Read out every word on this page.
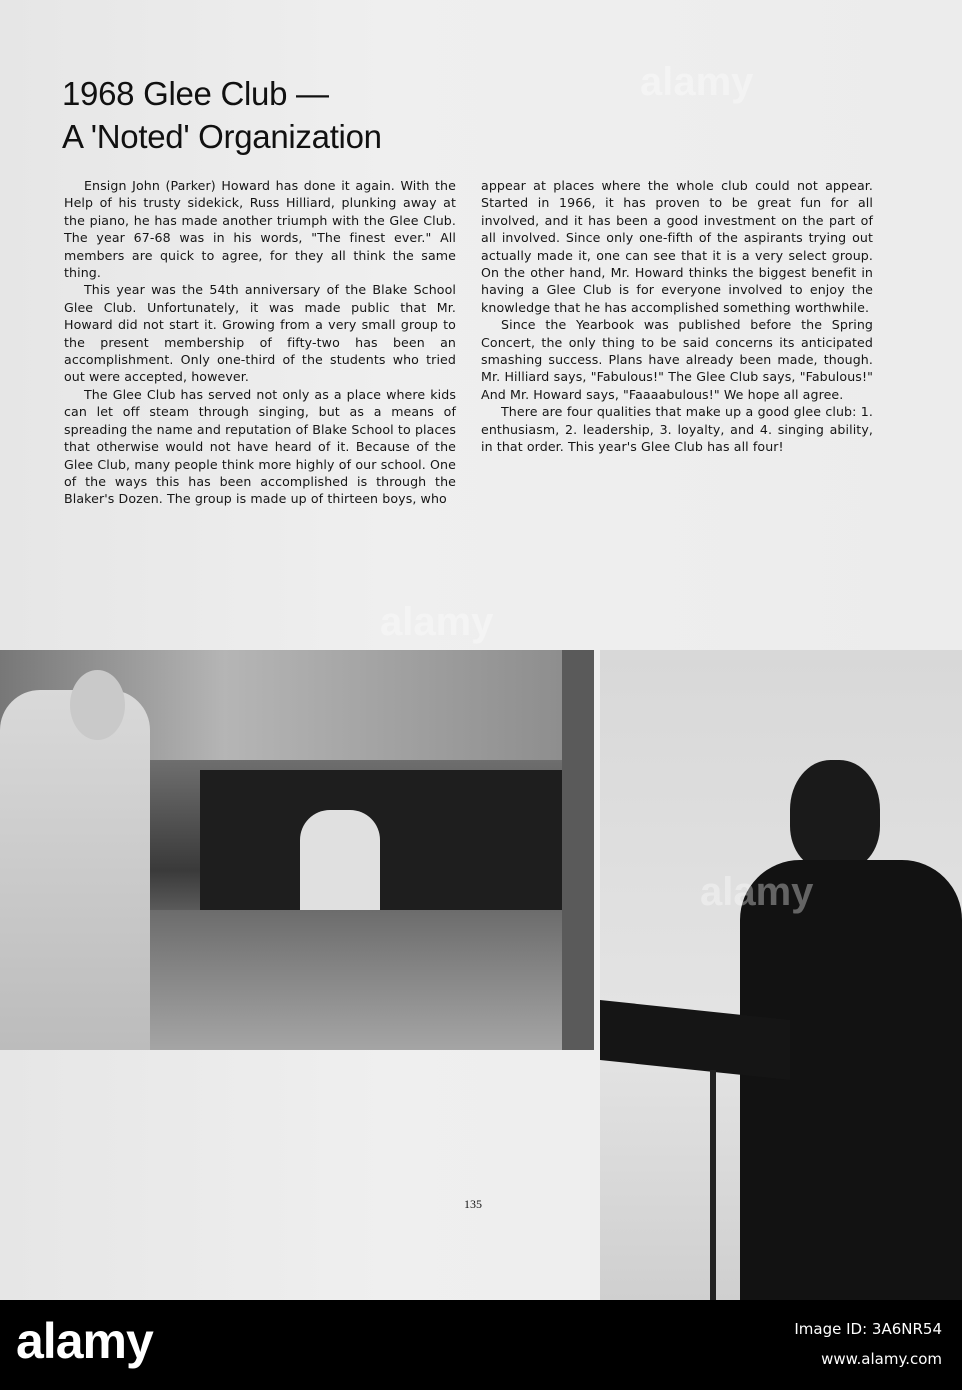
1968 Glee Club —
A 'Noted' Organization

Ensign John (Parker) Howard has done it again. With the Help of his trusty sidekick, Russ Hilliard, plunking away at the piano, he has made another triumph with the Glee Club. The year 67-68 was in his words, "The finest ever." All members are quick to agree, for they all think the same thing.

This year was the 54th anniversary of the Blake School Glee Club. Unfortunately, it was made public that Mr. Howard did not start it. Growing from a very small group to the present membership of fifty-two has been an accomplishment. Only one-third of the students who tried out were accepted, however.

The Glee Club has served not only as a place where kids can let off steam through singing, but as a means of spreading the name and reputation of Blake School to places that otherwise would not have heard of it. Because of the Glee Club, many people think more highly of our school. One of the ways this has been accomplished is through the Blaker's Dozen. The group is made up of thirteen boys, who

appear at places where the whole club could not appear. Started in 1966, it has proven to be great fun for all involved, and it has been a good investment on the part of all involved. Since only one-fifth of the aspirants trying out actually made it, one can see that it is a very select group. On the other hand, Mr. Howard thinks the biggest benefit in having a Glee Club is for everyone involved to enjoy the knowledge that he has accomplished something worthwhile.

Since the Yearbook was published before the Spring Concert, the only thing to be said concerns its anticipated smashing success. Plans have already been made, though. Mr. Hilliard says, "Fabulous!" The Glee Club says, "Fabulous!" And Mr. Howard says, "Faaaabulous!" We hope all agree.

There are four qualities that make up a good glee club: 1. enthusiasm, 2. leadership, 3. loyalty, and 4. singing ability, in that order. This year's Glee Club has all four!

alamy
alamy
alamy
135
alamy	Image ID: 3A6NR54
www.alamy.com
